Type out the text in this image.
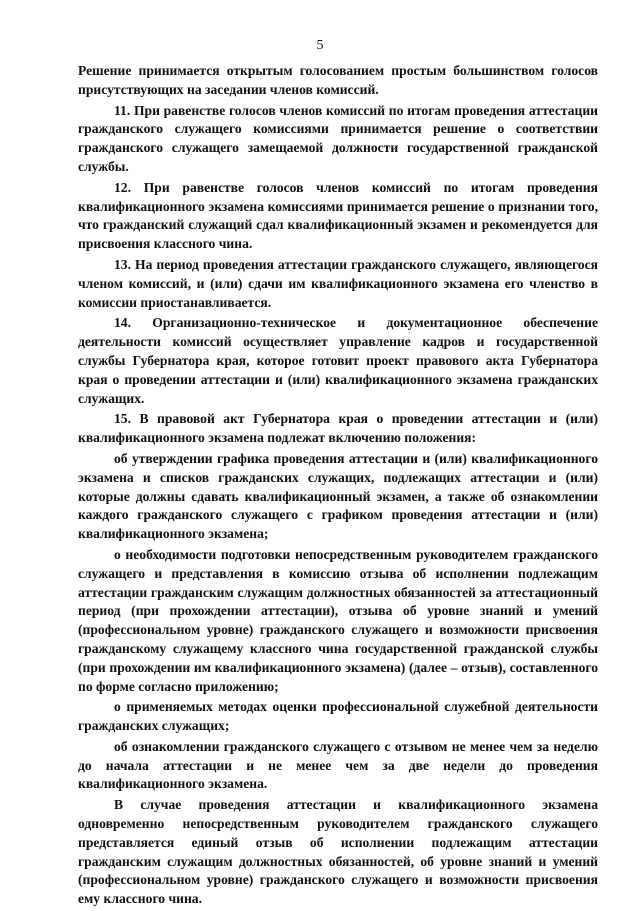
5

Решение принимается открытым голосованием простым большинством голосов присутствующих на заседании членов комиссий.

11. При равенстве голосов членов комиссий по итогам проведения аттестации гражданского служащего комиссиями принимается решение о соответствии гражданского служащего замещаемой должности государственной гражданской службы.

12. При равенстве голосов членов комиссий по итогам проведения квалификационного экзамена комиссиями принимается решение о признании того, что гражданский служащий сдал квалификационный экзамен и рекомендуется для присвоения классного чина.

13. На период проведения аттестации гражданского служащего, являющегося членом комиссий, и (или) сдачи им квалификационного экзамена его членство в комиссии приостанавливается.

14. Организационно-техническое и документационное обеспечение деятельности комиссий осуществляет управление кадров и государственной службы Губернатора края, которое готовит проект правового акта Губернатора края о проведении аттестации и (или) квалификационного экзамена гражданских служащих.

15. В правовой акт Губернатора края о проведении аттестации и (или) квалификационного экзамена подлежат включению положения:

об утверждении графика проведения аттестации и (или) квалификационного экзамена и списков гражданских служащих, подлежащих аттестации и (или) которые должны сдавать квалификационный экзамен, а также об ознакомлении каждого гражданского служащего с графиком проведения аттестации и (или) квалификационного экзамена;

о необходимости подготовки непосредственным руководителем гражданского служащего и представления в комиссию отзыва об исполнении подлежащим аттестации гражданским служащим должностных обязанностей за аттестационный период (при прохождении аттестации), отзыва об уровне знаний и умений (профессиональном уровне) гражданского служащего и возможности присвоения гражданскому служащему классного чина государственной гражданской службы (при прохождении им квалификационного экзамена) (далее – отзыв), составленного по форме согласно приложению;

о применяемых методах оценки профессиональной служебной деятельности гражданских служащих;

об ознакомлении гражданского служащего с отзывом не менее чем за неделю до начала аттестации и не менее чем за две недели до проведения квалификационного экзамена.

В случае проведения аттестации и квалификационного экзамена одновременно непосредственным руководителем гражданского служащего представляется единый отзыв об исполнении подлежащим аттестации гражданским служащим должностных обязанностей, об уровне знаний и умений (профессиональном уровне) гражданского служащего и возможности присвоения ему классного чина.
